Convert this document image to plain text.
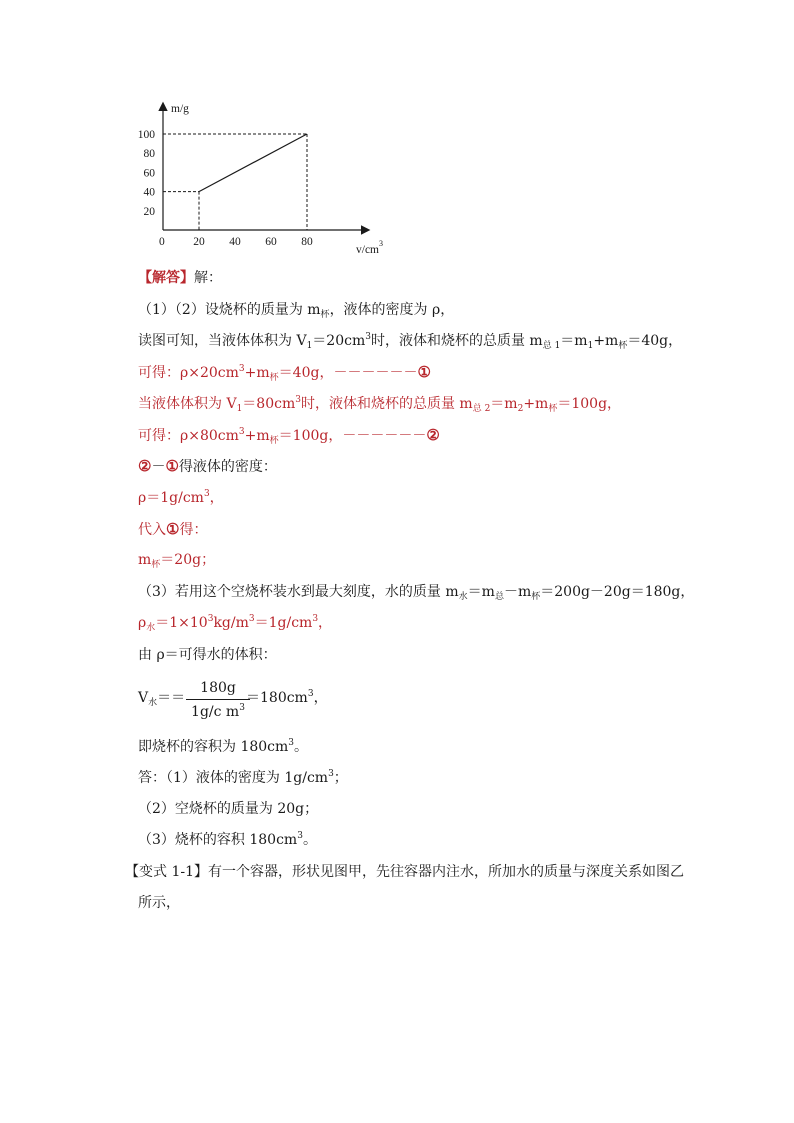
20
40
60
80
100
20 40 60 80
m/g
$v/cm^3$
0
【解答】解：
（1）（2）设烧杯的质量为 $m_杯$，液体的密度为 ρ，
读图可知，当液体体积为 $V_1=20cm^3$时，液体和烧杯的总质量 $m_{总 1}=m_1+m_杯=40g$，
可得：$\rho\times 20cm^3+m_杯=40g$，－－－－－－①
当液体体积为 $V_1=80cm^3$时，液体和烧杯的总质量 $m_{总 2}=m_2+m_杯=100g$，
可得：$\rho\times 80cm^3+m_杯=100g$，－－－－－－②
②－①得液体的密度：
$\rho=1g/cm^3$，
代入①得：
$m_杯=20g$；
（3）若用这个空烧杯装水到最大刻度，水的质量 $m_水=m_总-m_杯=200g-20g=180g$，
$\rho_水=1\times 10^3kg/m^3=1g/cm^3$，
由 ρ＝可得水的体积：
$V_水==$
180g
1g/c $m^3$
$=180cm^3$，
即烧杯的容积为 $180cm^3$。
答：（1）液体的密度为 $1g/cm^3$；
（2）空烧杯的质量为 20g；
（3）烧杯的容积 $180cm^3$。
【变式 1-1】有一个容器，形状见图甲，先往容器内注水，所加水的质量与深度关系如图乙
所示，
